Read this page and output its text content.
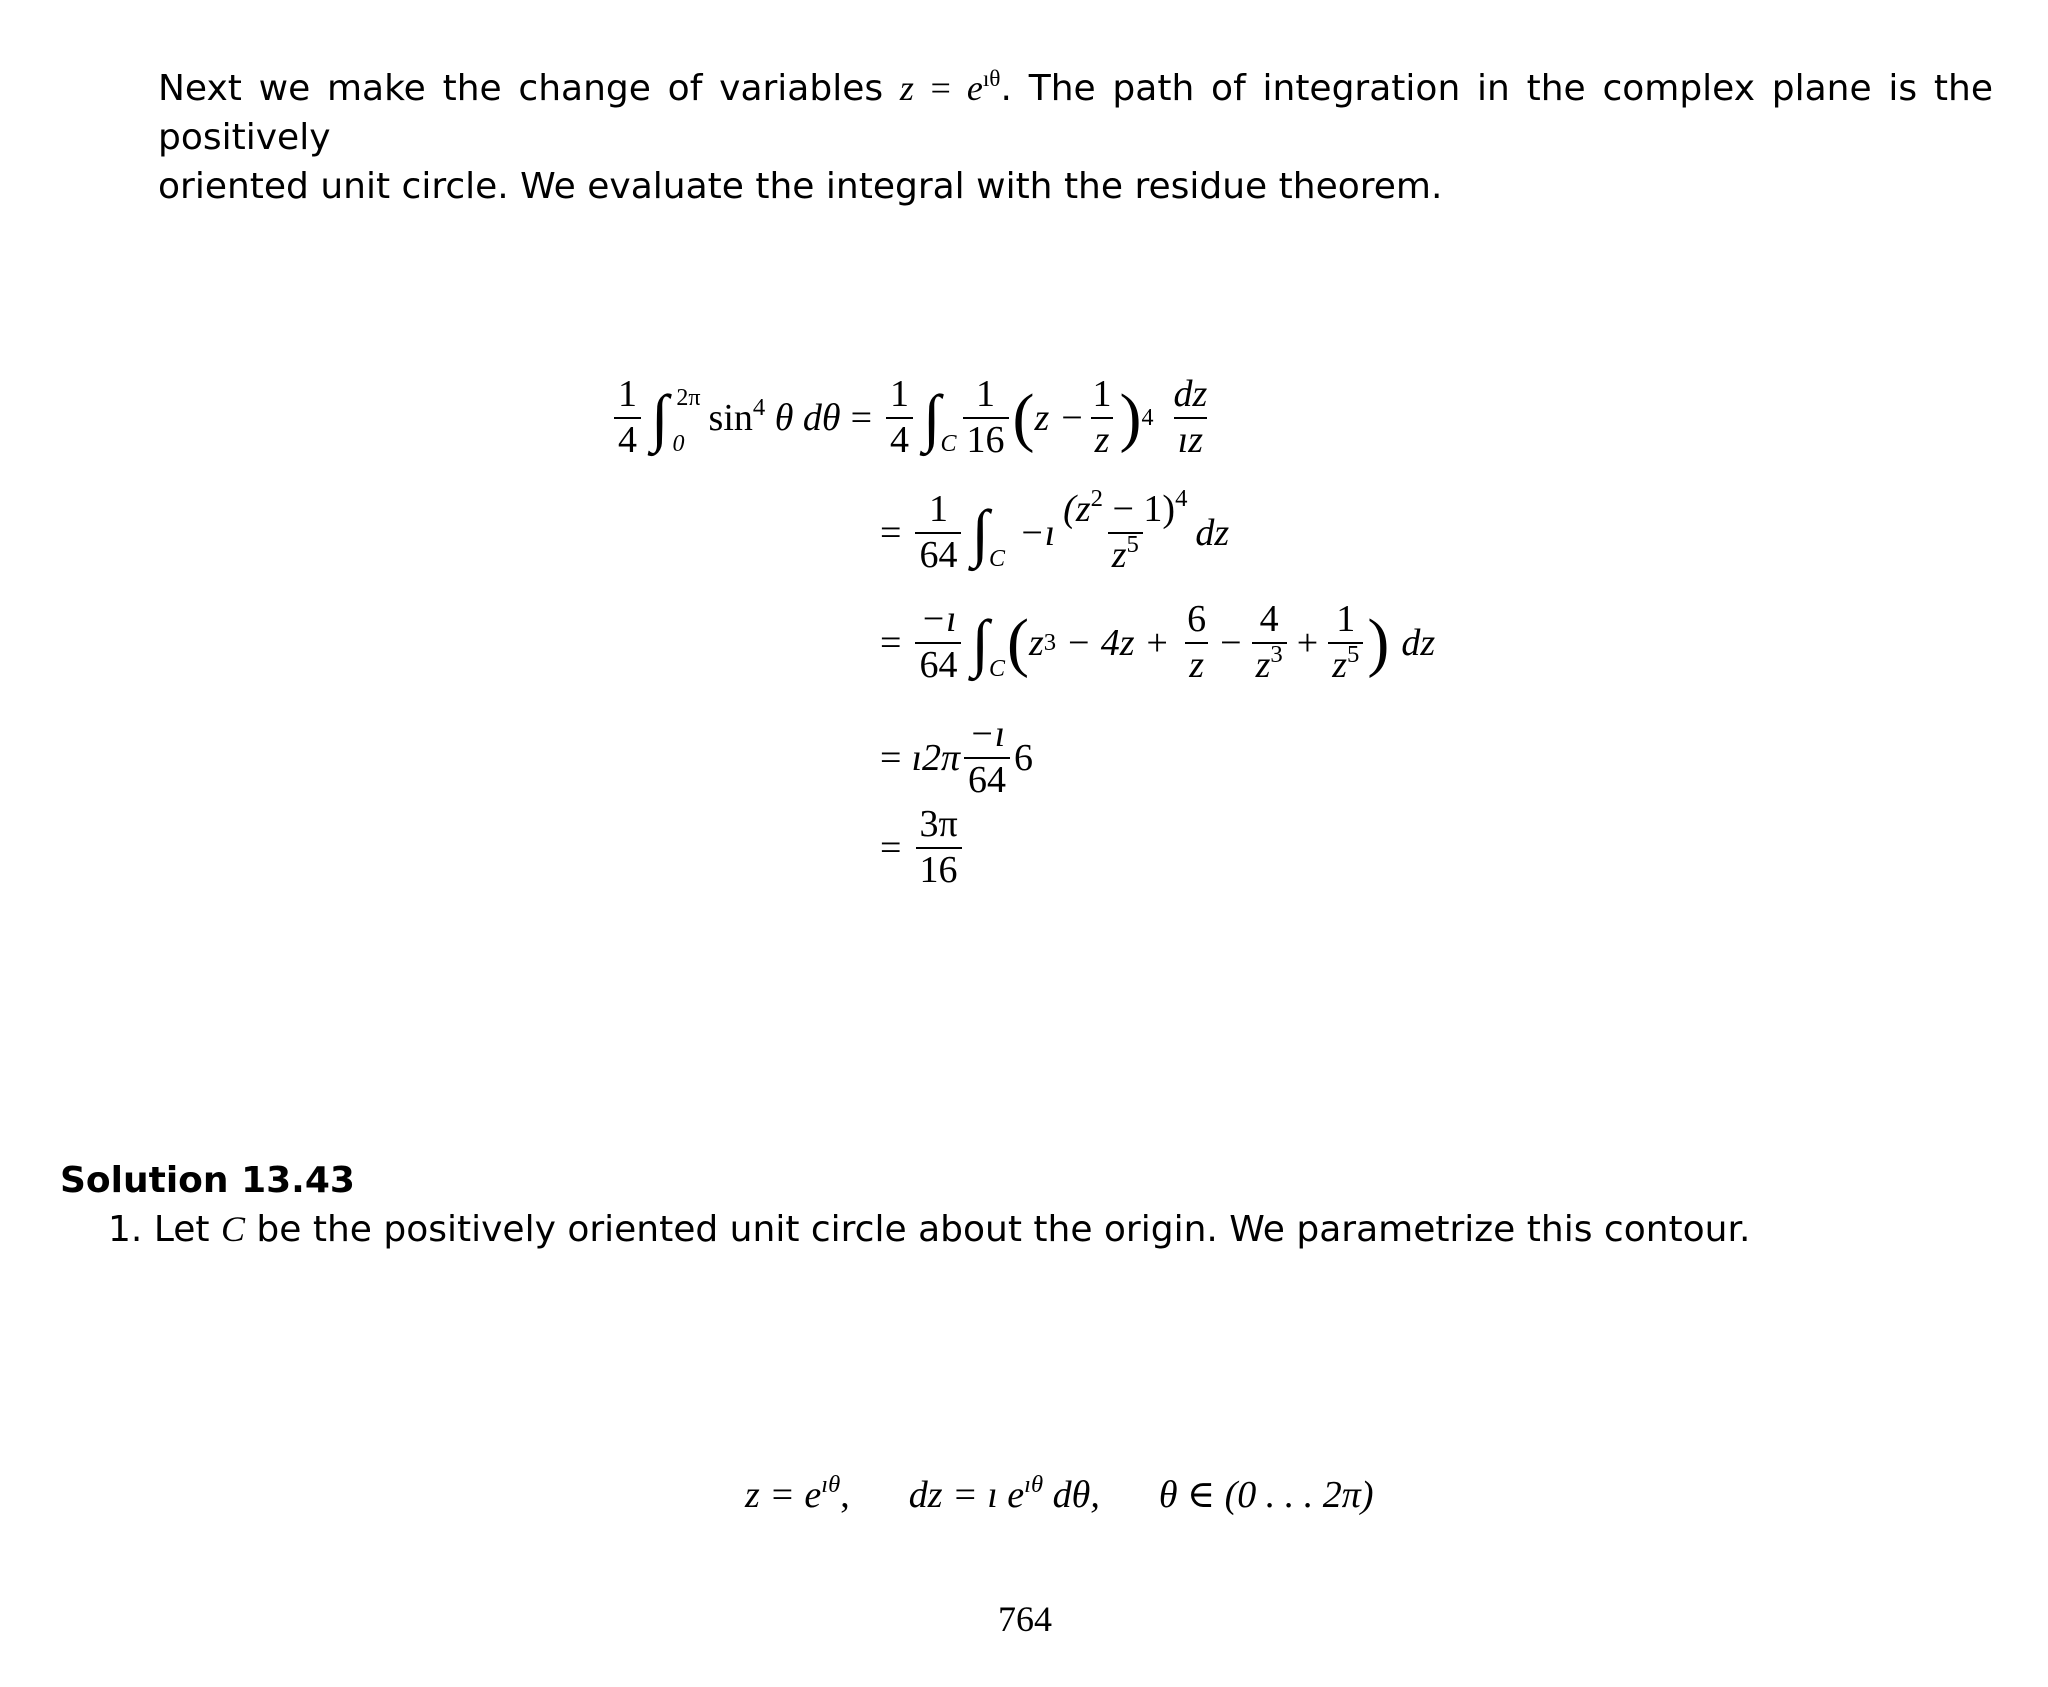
Next we make the change of variables $z = e^{ı\theta}$. The path of integration in the complex plane is the positively
oriented unit circle. We evaluate the integral with the residue theorem.
$\frac{1}{4}$ ∫ 0
2π $\sin^4 \theta$ $d\theta = \frac{1}{4}$ ∫ C $\frac{1}{16}$ ( $z - \frac{1}{z}$ ) $4 \frac{dz}{ız}$
= $\frac{1}{64}$ ∫ C
−ı $\frac{(z^2 - 1)^4}{z^5}$ dz
= $\frac{-ı}{64}$ ∫ C ( z $3 - 4z + \frac{6}{z} - \frac{4}{z^3} + \frac{1}{z^5}$ ) dz
= ı2π $\frac{-ı}{64} 6$
= $\frac{3\pi}{16}$
Solution 13.43
1. Let C be the positively oriented unit circle about the origin. We parametrize this contour.
$z = e^{ı\theta}$, dz = ı $e^{ı\theta}$ dθ, θ ∈ (0 . . . 2π)
764
